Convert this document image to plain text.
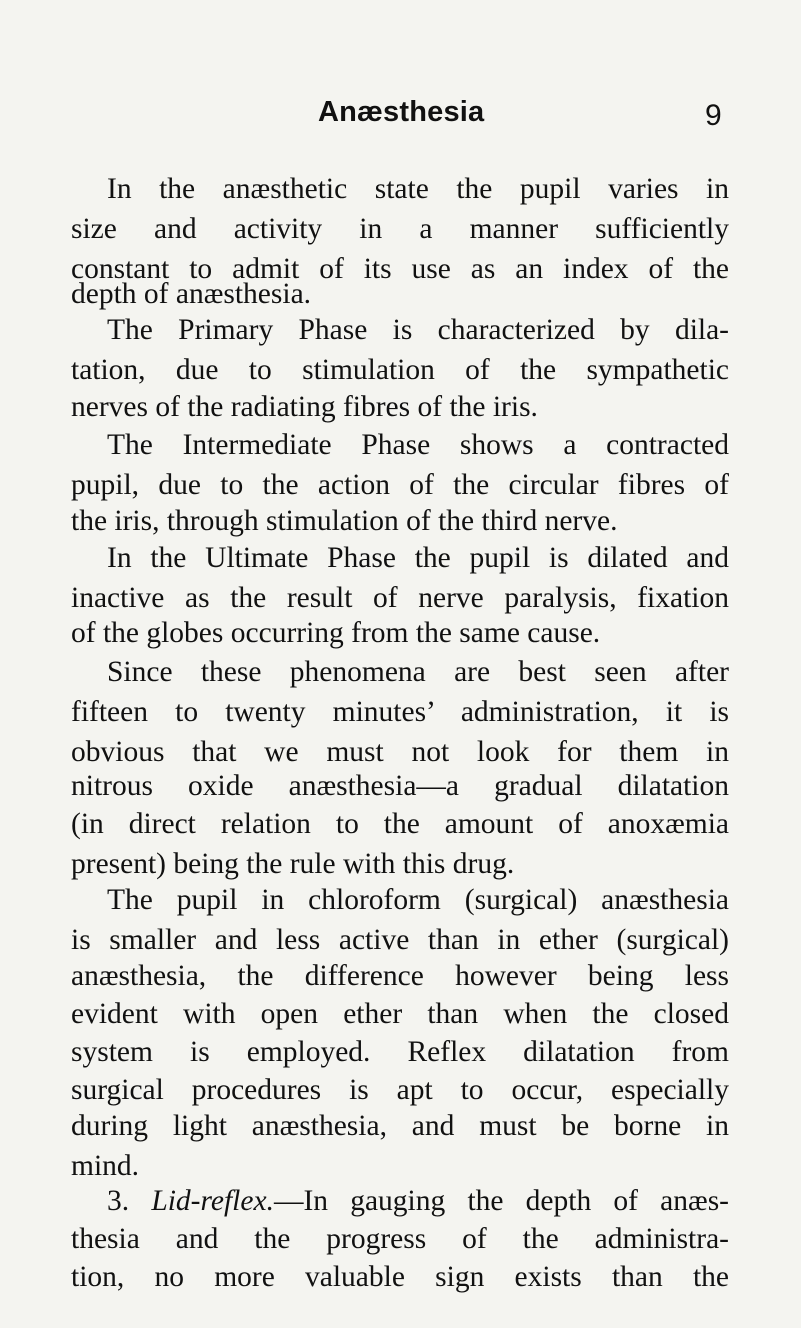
Anæsthesia	9
In the anæsthetic state the pupil varies in
size and activity in a manner sufficiently
constant to admit of its use as an index of the
depth of anæsthesia.
The Primary Phase is characterized by dila-
tation, due to stimulation of the sympathetic
nerves of the radiating fibres of the iris.
The Intermediate Phase shows a contracted
pupil, due to the action of the circular fibres of
the iris, through stimulation of the third nerve.
In the Ultimate Phase the pupil is dilated and
inactive as the result of nerve paralysis, fixation
of the globes occurring from the same cause.
Since these phenomena are best seen after
fifteen to twenty minutes’ administration, it is
obvious that we must not look for them in
nitrous oxide anæsthesia—a gradual dilatation
(in direct relation to the amount of anoxæmia
present) being the rule with this drug.
The pupil in chloroform (surgical) anæsthesia
is smaller and less active than in ether (surgical)
anæsthesia, the difference however being less
evident with open ether than when the closed
system is employed. Reflex dilatation from
surgical procedures is apt to occur, especially
during light anæsthesia, and must be borne in
mind.
3. Lid-reflex.—In gauging the depth of anæs-
thesia and the progress of the administra-
tion, no more valuable sign exists than the
